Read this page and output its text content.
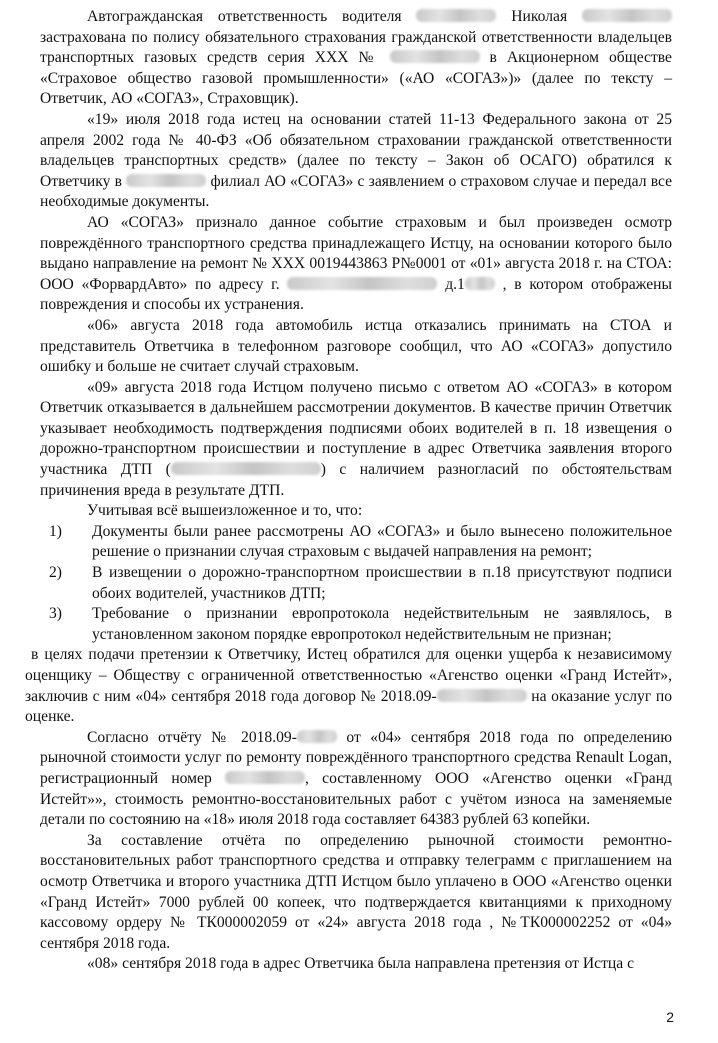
Автогражданская ответственность водителя	Николая  застрахована по полису обязательного страхования гражданской ответственности владельцев транспортных газовых средств серия ХХХ №	в Акционерном обществе «Страховое общество газовой промышленности» («АО «СОГАЗ»)» (далее по тексту – Ответчик, АО «СОГАЗ», Страховщик).

«19» июля 2018 года истец на основании статей 11-13 Федерального закона от 25 апреля 2002 года № 40-ФЗ «Об обязательном страховании гражданской ответственности владельцев транспортных средств» (далее по тексту – Закон об ОСАГО) обратился к Ответчику в	филиал АО «СОГАЗ» с заявлением о страховом случае и передал все необходимые документы.

АО «СОГАЗ» признало данное событие страховым и был произведен осмотр повреждённого транспортного средства принадлежащего Истцу, на основании которого было выдано направление на ремонт № ХХХ 0019443863 Р№0001 от «01» августа 2018 г. на СТОА: ООО «ФорвардАвто» по адресу г.	д.1 , в котором отображены повреждения и способы их устранения.

«06» августа 2018 года автомобиль истца отказались принимать на СТОА и представитель Ответчика в телефонном разговоре сообщил, что АО «СОГАЗ» допустило ошибку и больше не считает случай страховым.

«09» августа 2018 года Истцом получено письмо с ответом АО «СОГАЗ» в котором Ответчик отказывается в дальнейшем рассмотрении документов. В качестве причин Ответчик указывает необходимость подтверждения подписями обоих водителей в п. 18 извещения о дорожно-транспортном происшествии и поступление в адрес Ответчика заявления второго участника ДТП (	) с наличием разногласий по обстоятельствам причинения вреда в результате ДТП.

Учитывая всё вышеизложенное и то, что:

1) Документы были ранее рассмотрены АО «СОГАЗ» и было вынесено положительное решение о признании случая страховым с выдачей направления на ремонт;

2) В извещении о дорожно-транспортном происшествии в п.18 присутствуют подписи обоих водителей, участников ДТП;

3) Требование о признании европротокола недействительным не заявлялось, в установленном законом порядке европротокол недействительным не признан;

в целях подачи претензии к Ответчику, Истец обратился для оценки ущерба к независимому оценщику – Обществу с ограниченной ответственностью «Агенство оценки «Гранд Истейт», заключив с ним «04» сентября 2018 года договор № 2018.09-	на оказание услуг по оценке.

Согласно отчёту № 2018.09-	от «04» сентября 2018 года по определению рыночной стоимости услуг по ремонту повреждённого транспортного средства Renault Logan, регистрационный номер	, составленному ООО «Агенство оценки «Гранд Истейт»», стоимость ремонтно-восстановительных работ с учётом износа на заменяемые детали по состоянию на «18» июля 2018 года составляет 64383 рублей 63 копейки.

За составление отчёта по определению рыночной стоимости ремонтно-восстановительных работ транспортного средства и отправку телеграмм с приглашением на осмотр Ответчика и второго участника ДТП Истцом было уплачено в ООО «Агенство оценки «Гранд Истейт» 7000 рублей 00 копеек, что подтверждается квитанциями к приходному кассовому ордеру № ТК000002059 от «24» августа 2018 года , №ТК000002252 от «04» сентября 2018 года.

«08» сентября 2018 года в адрес Ответчика была направлена претензия от Истца с

2
